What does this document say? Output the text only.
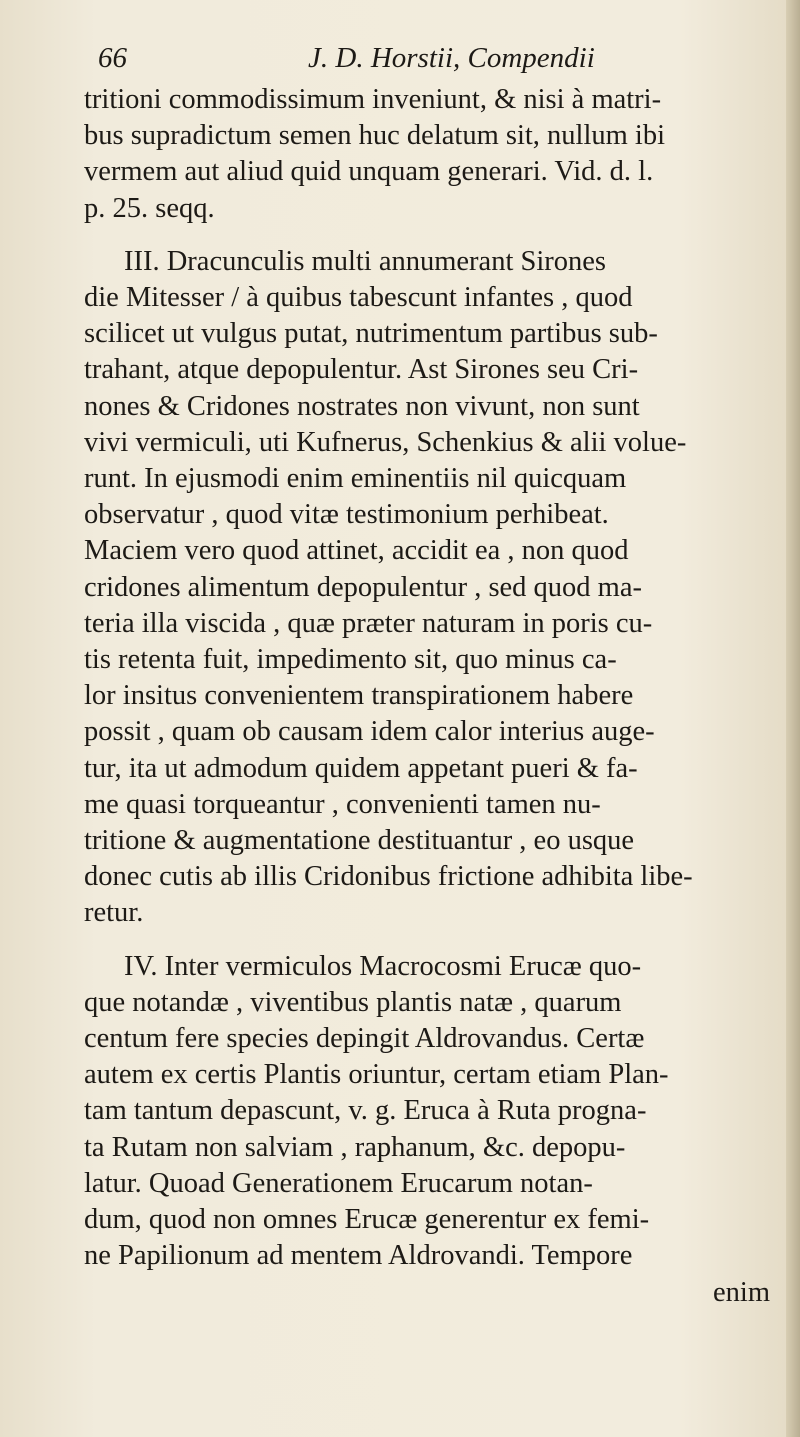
66	J. D. Horstii, Compendii
tritioni commodissimum inveniunt, & nisi à matri-
bus supradictum semen huc delatum sit, nullum ibi
vermem aut aliud quid unquam generari. Vid. d. l.
p. 25. seqq.
III. Dracunculis multi annumerant Sirones
die Mitesser / à quibus tabescunt infantes , quod
scilicet ut vulgus putat, nutrimentum partibus sub-
trahant, atque depopulentur. Ast Sirones seu Cri-
nones & Cridones nostrates non vivunt, non sunt
vivi vermiculi, uti Kufnerus, Schenkius & alii volue-
runt. In ejusmodi enim eminentiis nil quicquam
observatur , quod vitæ testimonium perhibeat.
Maciem vero quod attinet, accidit ea , non quod
cridones alimentum depopulentur , sed quod ma-
teria illa viscida , quæ præter naturam in poris cu-
tis retenta fuit, impedimento sit, quo minus ca-
lor insitus convenientem transpirationem habere
possit , quam ob causam idem calor interius auge-
tur, ita ut admodum quidem appetant pueri & fa-
me quasi torqueantur , convenienti tamen nu-
tritione & augmentatione destituantur , eo usque
donec cutis ab illis Cridonibus frictione adhibita libe-
retur.
IV. Inter vermiculos Macrocosmi Erucæ quo-
que notandæ , viventibus plantis natæ , quarum
centum fere species depingit Aldrovandus. Certæ
autem ex certis Plantis oriuntur, certam etiam Plan-
tam tantum depascunt, v. g. Eruca à Ruta progna-
ta Rutam non salviam , raphanum, &c. depopu-
latur. Quoad Generationem Erucarum notan-
dum, quod non omnes Erucæ generentur ex femi-
ne Papilionum ad mentem Aldrovandi. Tempore
enim
